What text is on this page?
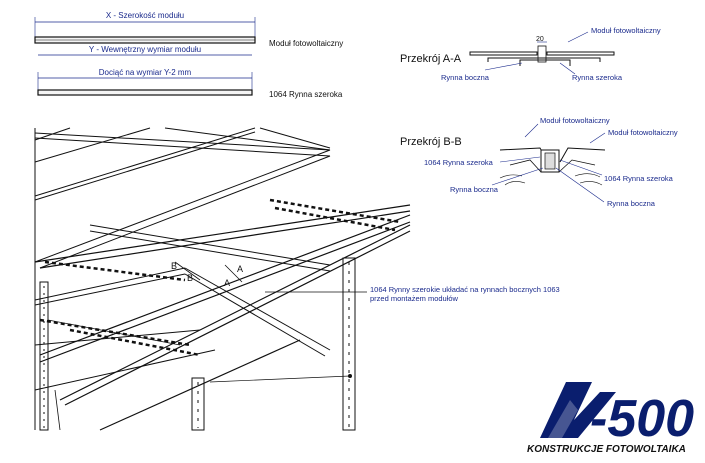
X - Szerokość modułu
Moduł fotowoltaiczny
Y - Wewnętrzny wymiar modułu
Dociąć na wymiar Y-2 mm
1064 Rynna szeroka
Przekrój A-A
20
Moduł fotowoltaiczny
Rynna boczna	Rynna szeroka
Przekrój B-B
Moduł fotowoltaiczny
Moduł fotowoltaiczny
1064 Rynna szeroka
1064 Rynna szeroka
Rynna boczna
Rynna boczna
B
B
A
A
1064 Rynny szerokie układać na rynnach bocznych 1063
przed montażem modułów
-500
KONSTRUKCJE FOTOWOLTAIKA
